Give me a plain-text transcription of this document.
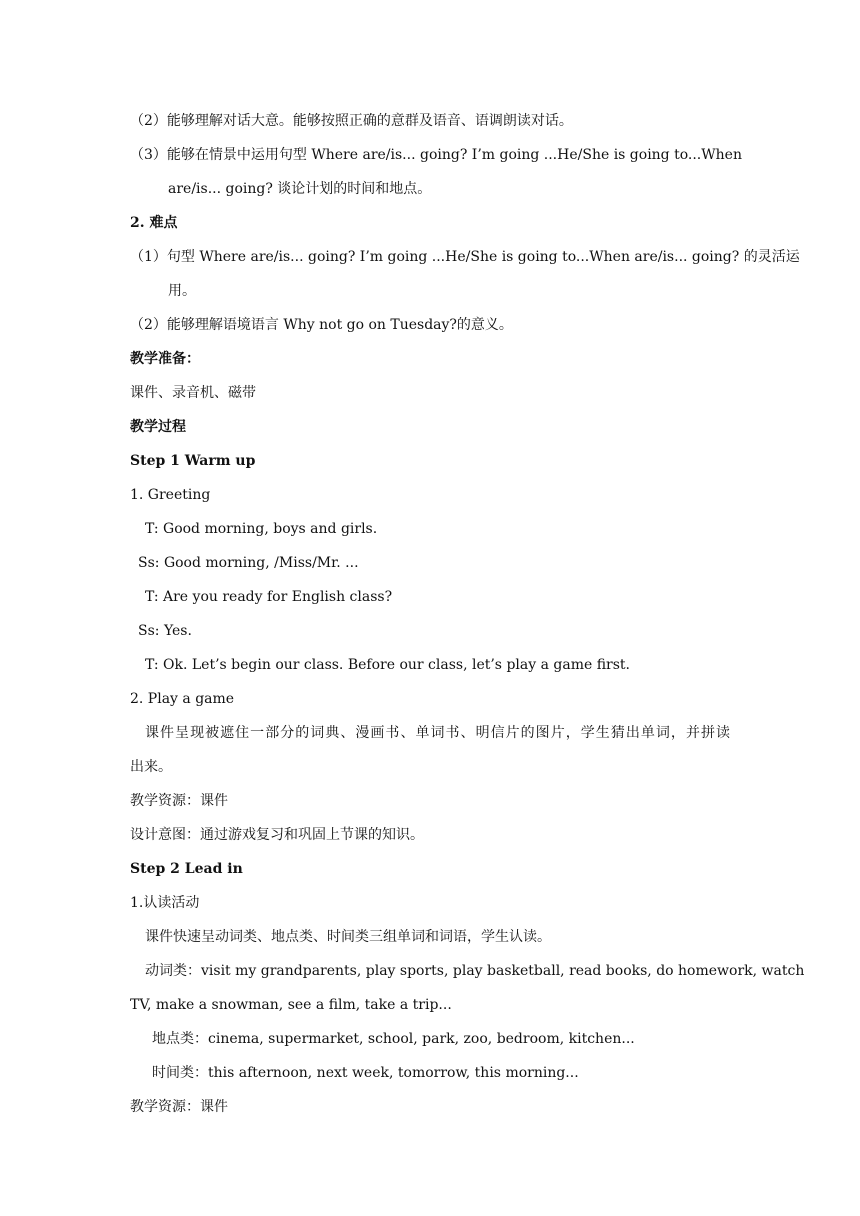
（2）能够理解对话大意。能够按照正确的意群及语音、语调朗读对话。

（3）能够在情景中运用句型 Where are/is... going? I’m going ...He/She is going to...When

are/is... going? 谈论计划的时间和地点。

2. 难点

（1）句型 Where are/is... going? I’m going ...He/She is going to...When are/is... going? 的灵活运

用。

（2）能够理解语境语言 Why not go on Tuesday?的意义。

教学准备：

课件、录音机、磁带

教学过程

Step 1 Warm up

1. Greeting

T: Good morning, boys and girls.

Ss: Good morning, /Miss/Mr. ...

T: Are you ready for English class?

Ss: Yes.

T: Ok. Let’s begin our class. Before our class, let’s play a game first.

2. Play a game

课件呈现被遮住一部分的词典、漫画书、单词书、明信片的图片，学生猜出单词，并拼读

出来。

教学资源：课件

设计意图：通过游戏复习和巩固上节课的知识。

Step 2 Lead in

1.认读活动

课件快速呈动词类、地点类、时间类三组单词和词语，学生认读。

动词类：visit my grandparents, play sports, play basketball, read books, do homework, watch

TV, make a snowman, see a film, take a trip...

地点类：cinema, supermarket, school, park, zoo, bedroom, kitchen...

时间类：this afternoon, next week, tomorrow, this morning...

教学资源：课件
